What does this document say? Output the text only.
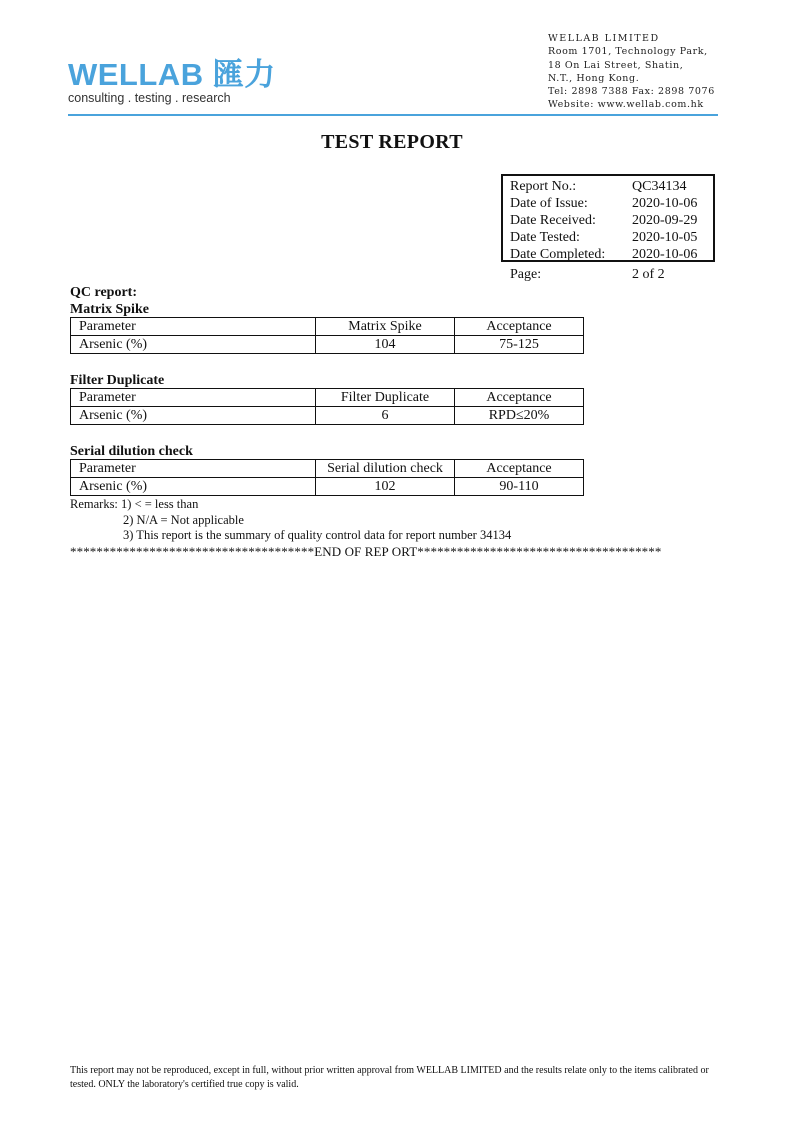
WELLAB 匯力
consulting . testing . research
WELLAB LIMITED
Room 1701, Technology Park,
18 On Lai Street, Shatin,
N.T., Hong Kong.
Tel: 2898 7388 Fax: 2898 7076
Website: www.wellab.com.hk
TEST REPORT
Report No.:	QC34134
Date of Issue:	2020-10-06
Date Received:	2020-09-29
Date Tested:	2020-10-05
Date Completed: 2020-10-06
Page:	2 of 2
QC report:
Matrix Spike
Parameter	Matrix Spike	Acceptance
Arsenic (%)	104	75-125
Filter Duplicate
Parameter	Filter Duplicate	Acceptance
Arsenic (%)	6	RPD≤20%
Serial dilution check
Parameter	Serial dilution check	Acceptance
Arsenic (%)	102	90-110
Remarks: 1) < = less than
2) N/A = Not applicable
3) This report is the summary of quality control data for report number 34134
*************************************END OF REP ORT*************************************
This report may not be reproduced, except in full, without prior written approval from WELLAB LIMITED and the results relate only to the items calibrated or tested. ONLY the laboratory's certified true copy is valid.
